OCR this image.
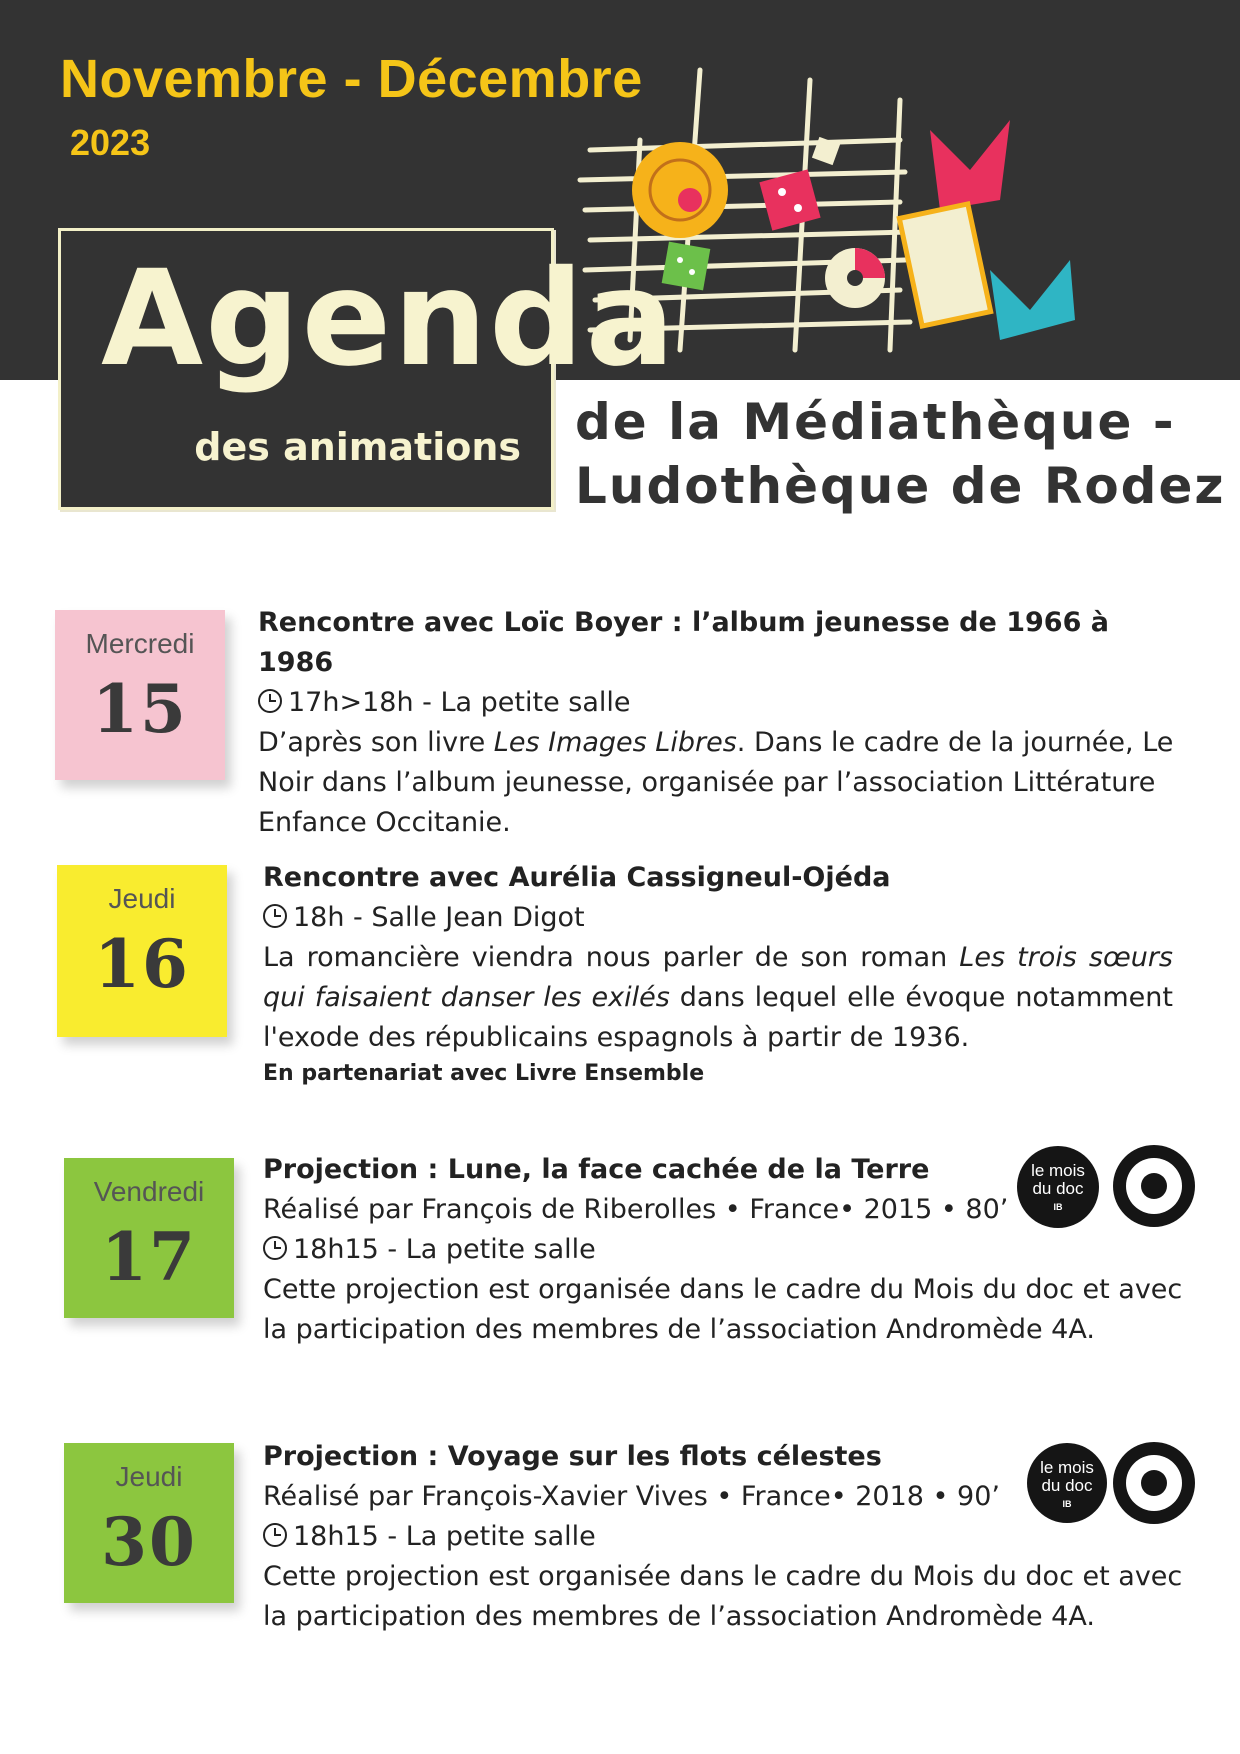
Novembre - Décembre
2023
Agenda
des animations de la Médiathèque -
Ludothèque de Rodez
Mercredi
15
Rencontre avec Loïc Boyer : l’album jeunesse de 1966 à 1986
17h>18h - La petite salle
D’après son livre Les Images Libres. Dans le cadre de la journée, Le Noir dans l’album jeunesse, organisée par l’association Littérature Enfance Occitanie.
Jeudi
16
Rencontre avec Aurélia Cassigneul-Ojéda
18h - Salle Jean Digot
La romancière viendra nous parler de son roman Les trois sœurs qui faisaient danser les exilés dans lequel elle évoque notamment l'exode des républicains espagnols à partir de 1936.
En partenariat avec Livre Ensemble
Vendredi
17
Projection : Lune, la face cachée de la Terre
Réalisé par François de Riberolles • France• 2015 • 80’
18h15 - La petite salle
Cette projection est organisée dans le cadre du Mois du doc et avec la participation des membres de l’association Andromède 4A.
le mois
du doc
IB
Jeudi
30
Projection : Voyage sur les flots célestes
Réalisé par François-Xavier Vives • France• 2018 • 90’
18h15 - La petite salle
Cette projection est organisée dans le cadre du Mois du doc et avec la participation des membres de l’association Andromède 4A.
le mois
du doc
IB
